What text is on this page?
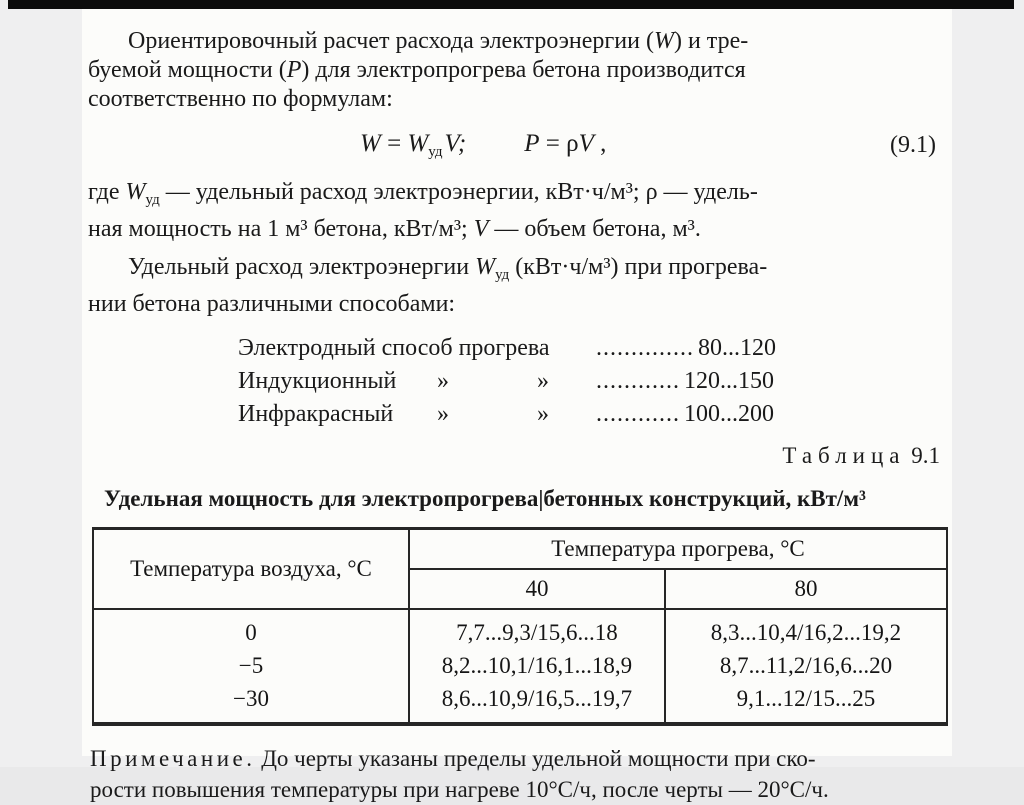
Ориентировочный расчет расхода электроэнергии (W) и тре-
буемой мощности (P) для электропрогрева бетона производится
соответственно по формулам:
$W = W_{уд}V$; P = ρV ,	(9.1)
где $W_{уд}$ — удельный расход электроэнергии, кВт·ч/м³; ρ — удель-
ная мощность на 1 м³ бетона, кВт/м³; V — объем бетона, м³.
Удельный расход электроэнергии $W_{уд}$ (кВт·ч/м³) при прогрева-
нии бетона различными способами:
Электродный способ прогрева .............. 80...120
Индукционный »	» ............ 120...150
Инфракрасный »	» ............ 100...200
Таблица 9.1
Удельная мощность для электропрогрева|бетонных конструкций, кВт/м³
Температура воздуха, °С	Температура прогрева, °С	
	40	80
0	7,7...9,3/15,6...18	8,3...10,4/16,2...19,2
−5	8,2...10,1/16,1...18,9	8,7...11,2/16,6...20
−30	8,6...10,9/16,5...19,7	9,1...12/15...25
Примечание. До черты указаны пределы удельной мощности при ско-
рости повышения температуры при нагреве 10°С/ч, после черты — 20°С/ч.
